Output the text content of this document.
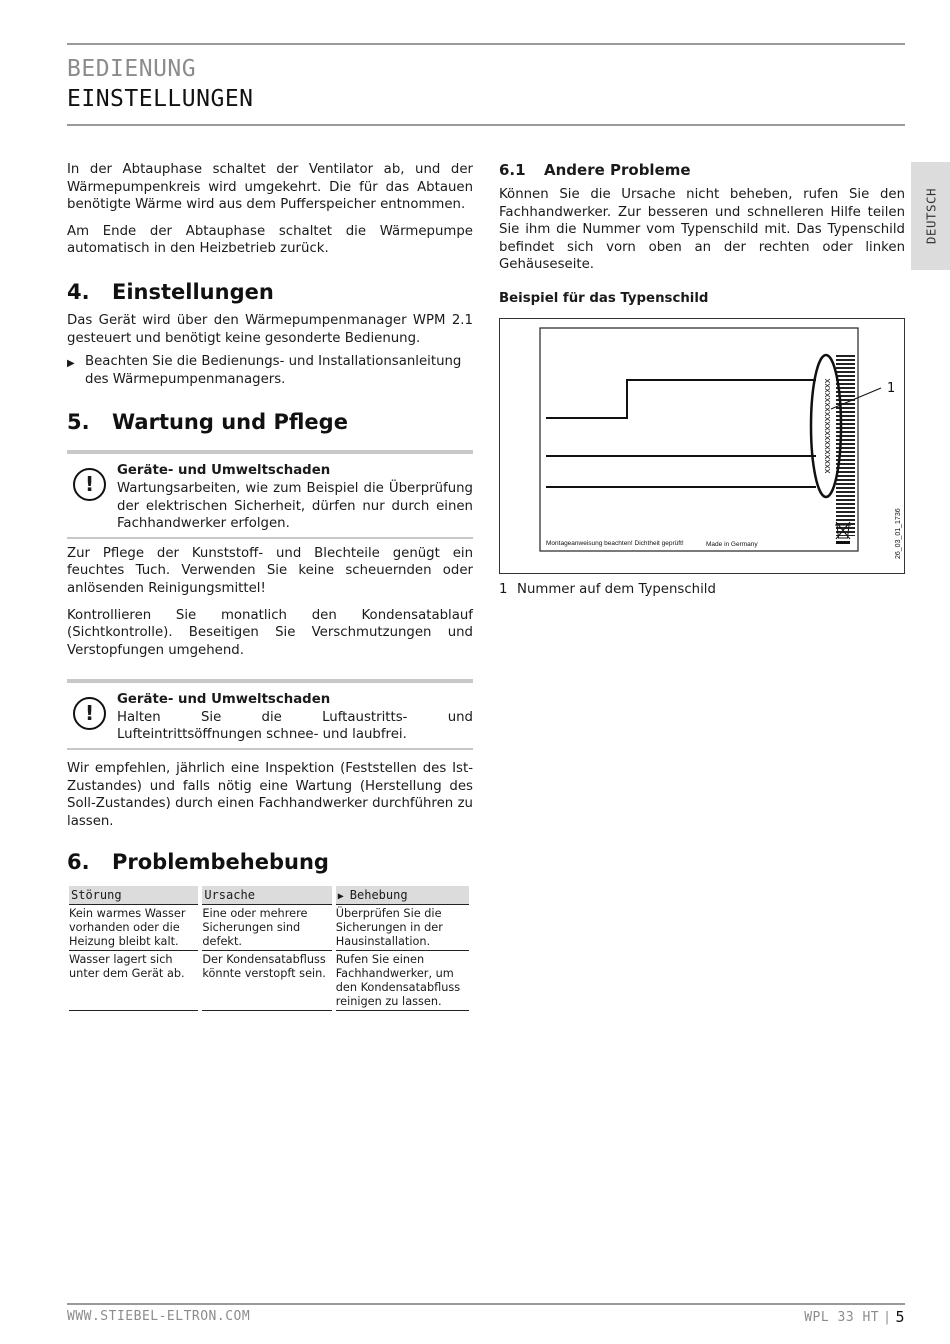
BEDIENUNG
EINSTELLUNGEN
DEUTSCH

In der Abtauphase schaltet der Ventilator ab, und der Wärmepumpenkreis wird umgekehrt. Die für das Abtauen benötigte Wärme wird aus dem Pufferspeicher entnommen.

Am Ende der Abtauphase schaltet die Wärmepumpe automatisch in den Heizbetrieb zurück.

4.	Einstellungen

Das Gerät wird über den Wärmepumpenmanager WPM 2.1 gesteuert und benötigt keine gesonderte Bedienung.

▶ Beachten Sie die Bedienungs- und Installationsanleitung des Wärmepumpenmanagers.
5.	Wartung und Pflege
!
Geräte- und Umweltschaden
Wartungsarbeiten, wie zum Beispiel die Überprüfung der elektrischen Sicherheit, dürfen nur durch einen Fachhandwerker erfolgen.

Zur Pflege der Kunststoff- und Blechteile genügt ein feuchtes Tuch. Verwenden Sie keine scheuernden oder anlösenden Reinigungsmittel!

Kontrollieren Sie monatlich den Kondensatablauf (Sichtkontrolle). Beseitigen Sie Verschmutzungen und Verstopfungen umgehend.

!
Geräte- und Umweltschaden
Halten Sie die Luftaustritts- und Lufteintrittsöffnungen schnee- und laubfrei.

Wir empfehlen, jährlich eine Inspektion (Feststellen des Ist-Zustandes) und falls nötig eine Wartung (Herstellung des Soll-Zustandes) durch einen Fachhandwerker durchführen zu lassen.

6.	Problembehebung
Störung	Ursache	▶ Behebung
Kein warmes Wasser vorhanden oder die Heizung bleibt kalt.	Eine oder mehrere Sicherungen sind defekt.	Überprüfen Sie die Sicherungen in der Hausinstallation.
Wasser lagert sich unter dem Gerät ab.	Der Kondensatabfluss könnte verstopft sein.	Rufen Sie einen Fachhandwerker, um den Kondensatabfluss reinigen zu lassen.
6.1	Andere Probleme

Können Sie die Ursache nicht beheben, rufen Sie den Fachhandwerker. Zur besseren und schnelleren Hilfe teilen Sie ihm die Nummer vom Typenschild mit. Das Typenschild befindet sich vorn oben an der rechten oder linken Gehäuseseite.

Beispiel für das Typenschild
xxxxxxxxxxxxxxxxxxxx	1
Montageanweisung beachten! Dichtheit geprüft!	Made in Germany	26_03_01_1736
1 Nummer auf dem Typenschild
WWW.STIEBEL-ELTRON.COM	WPL 33 HT | 5
